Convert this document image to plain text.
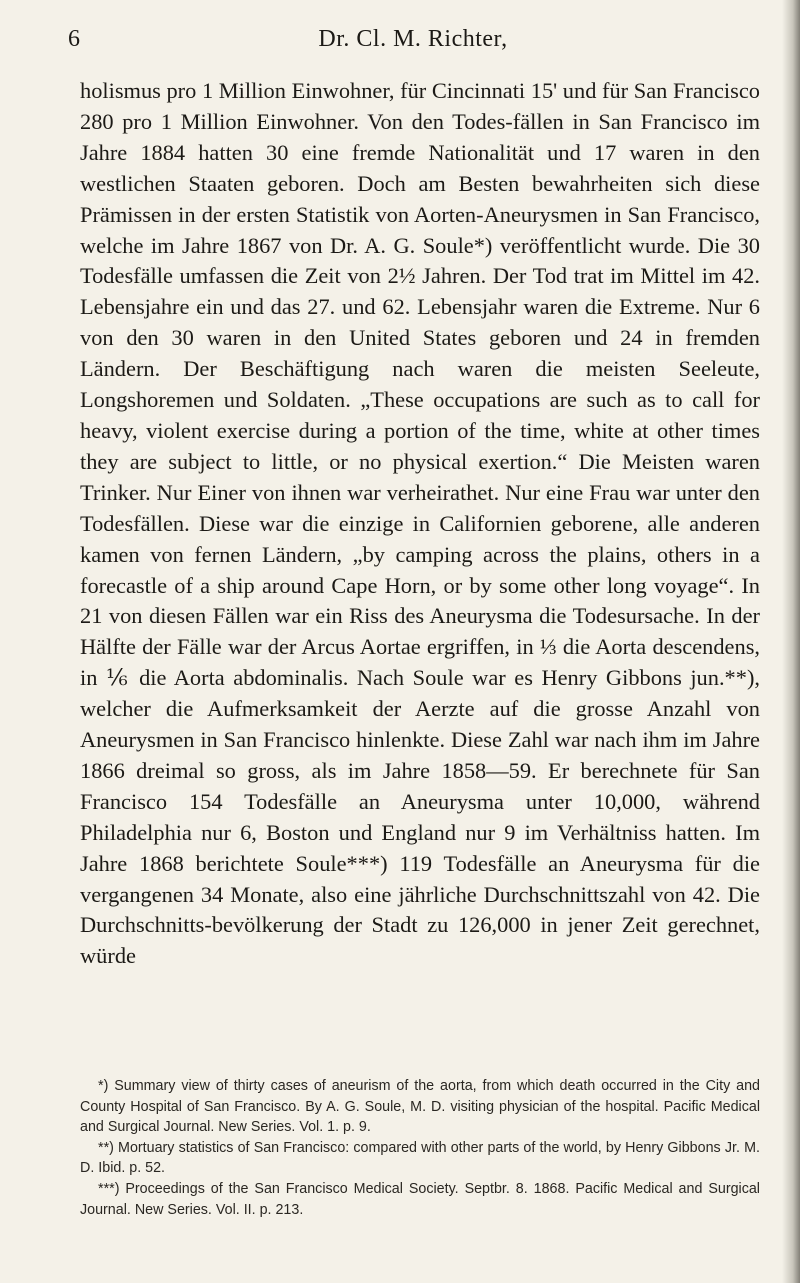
6	Dr. Cl. M. Richter,

holismus pro 1 Million Einwohner, für Cincinnati 15' und für San Francisco 280 pro 1 Million Einwohner. Von den Todes-fällen in San Francisco im Jahre 1884 hatten 30 eine fremde Nationalität und 17 waren in den westlichen Staaten geboren. Doch am Besten bewahrheiten sich diese Prämissen in der ersten Statistik von Aorten-Aneurysmen in San Francisco, welche im Jahre 1867 von Dr. A. G. Soule*) veröffentlicht wurde. Die 30 Todesfälle umfassen die Zeit von 2½ Jahren. Der Tod trat im Mittel im 42. Lebensjahre ein und das 27. und 62. Lebensjahr waren die Extreme. Nur 6 von den 30 waren in den United States geboren und 24 in fremden Ländern. Der Beschäftigung nach waren die meisten Seeleute, Longshoremen und Soldaten. „These occupations are such as to call for heavy, violent exercise during a portion of the time, white at other times they are subject to little, or no physical exertion.“ Die Meisten waren Trinker. Nur Einer von ihnen war verheirathet. Nur eine Frau war unter den Todesfällen. Diese war die einzige in Californien geborene, alle anderen kamen von fernen Ländern, „by camping across the plains, others in a forecastle of a ship around Cape Horn, or by some other long voyage“. In 21 von diesen Fällen war ein Riss des Aneurysma die Todesursache. In der Hälfte der Fälle war der Arcus Aortae ergriffen, in ⅓ die Aorta descendens, in ⅙ die Aorta abdominalis. Nach Soule war es Henry Gibbons jun.**), welcher die Aufmerksamkeit der Aerzte auf die grosse Anzahl von Aneurysmen in San Francisco hinlenkte. Diese Zahl war nach ihm im Jahre 1866 dreimal so gross, als im Jahre 1858—59. Er berechnete für San Francisco 154 Todesfälle an Aneurysma unter 10,000, während Philadelphia nur 6, Boston und England nur 9 im Verhältniss hatten. Im Jahre 1868 berichtete Soule***) 119 Todesfälle an Aneurysma für die vergangenen 34 Monate, also eine jährliche Durchschnittszahl von 42. Die Durchschnitts-bevölkerung der Stadt zu 126,000 in jener Zeit gerechnet, würde

*) Summary view of thirty cases of aneurism of the aorta, from which death occurred in the City and County Hospital of San Francisco. By A. G. Soule, M. D. visiting physician of the hospital. Pacific Medical and Surgical Journal. New Series. Vol. 1. p. 9.

**) Mortuary statistics of San Francisco: compared with other parts of the world, by Henry Gibbons Jr. M. D. Ibid. p. 52.

***) Proceedings of the San Francisco Medical Society. Septbr. 8. 1868. Pacific Medical and Surgical Journal. New Series. Vol. II. p. 213.
